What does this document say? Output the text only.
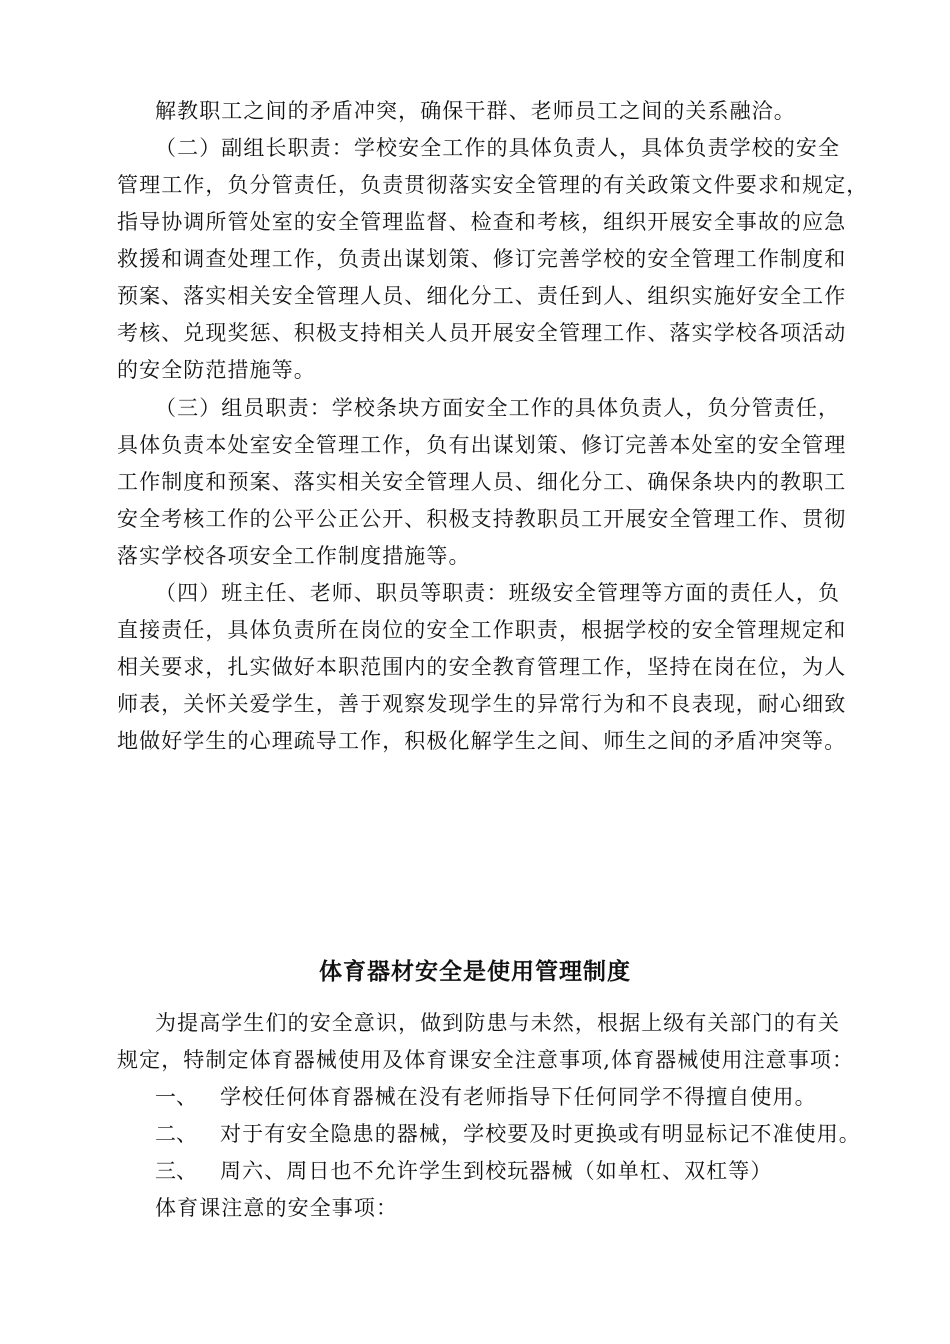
解教职工之间的矛盾冲突，确保干群、老师员工之间的关系融洽。
（二）副组长职责：学校安全工作的具体负责人，具体负责学校的安全
管理工作，负分管责任，负责贯彻落实安全管理的有关政策文件要求和规定，
指导协调所管处室的安全管理监督、检查和考核，组织开展安全事故的应急
救援和调查处理工作，负责出谋划策、修订完善学校的安全管理工作制度和
预案、落实相关安全管理人员、细化分工、责任到人、组织实施好安全工作
考核、兑现奖惩、积极支持相关人员开展安全管理工作、落实学校各项活动
的安全防范措施等。
（三）组员职责：学校条块方面安全工作的具体负责人，负分管责任，
具体负责本处室安全管理工作，负有出谋划策、修订完善本处室的安全管理
工作制度和预案、落实相关安全管理人员、细化分工、确保条块内的教职工
安全考核工作的公平公正公开、积极支持教职员工开展安全管理工作、贯彻
落实学校各项安全工作制度措施等。
（四）班主任、老师、职员等职责：班级安全管理等方面的责任人，负
直接责任，具体负责所在岗位的安全工作职责，根据学校的安全管理规定和
相关要求，扎实做好本职范围内的安全教育管理工作，坚持在岗在位，为人
师表，关怀关爱学生，善于观察发现学生的异常行为和不良表现，耐心细致
地做好学生的心理疏导工作，积极化解学生之间、师生之间的矛盾冲突等。
体育器材安全是使用管理制度
为提高学生们的安全意识，做到防患与未然，根据上级有关部门的有关
规定，特制定体育器械使用及体育课安全注意事项,体育器械使用注意事项：
一、 学校任何体育器械在没有老师指导下任何同学不得擅自使用。
二、 对于有安全隐患的器械，学校要及时更换或有明显标记不准使用。
三、 周六、周日也不允许学生到校玩器械（如单杠、双杠等）
体育课注意的安全事项：
